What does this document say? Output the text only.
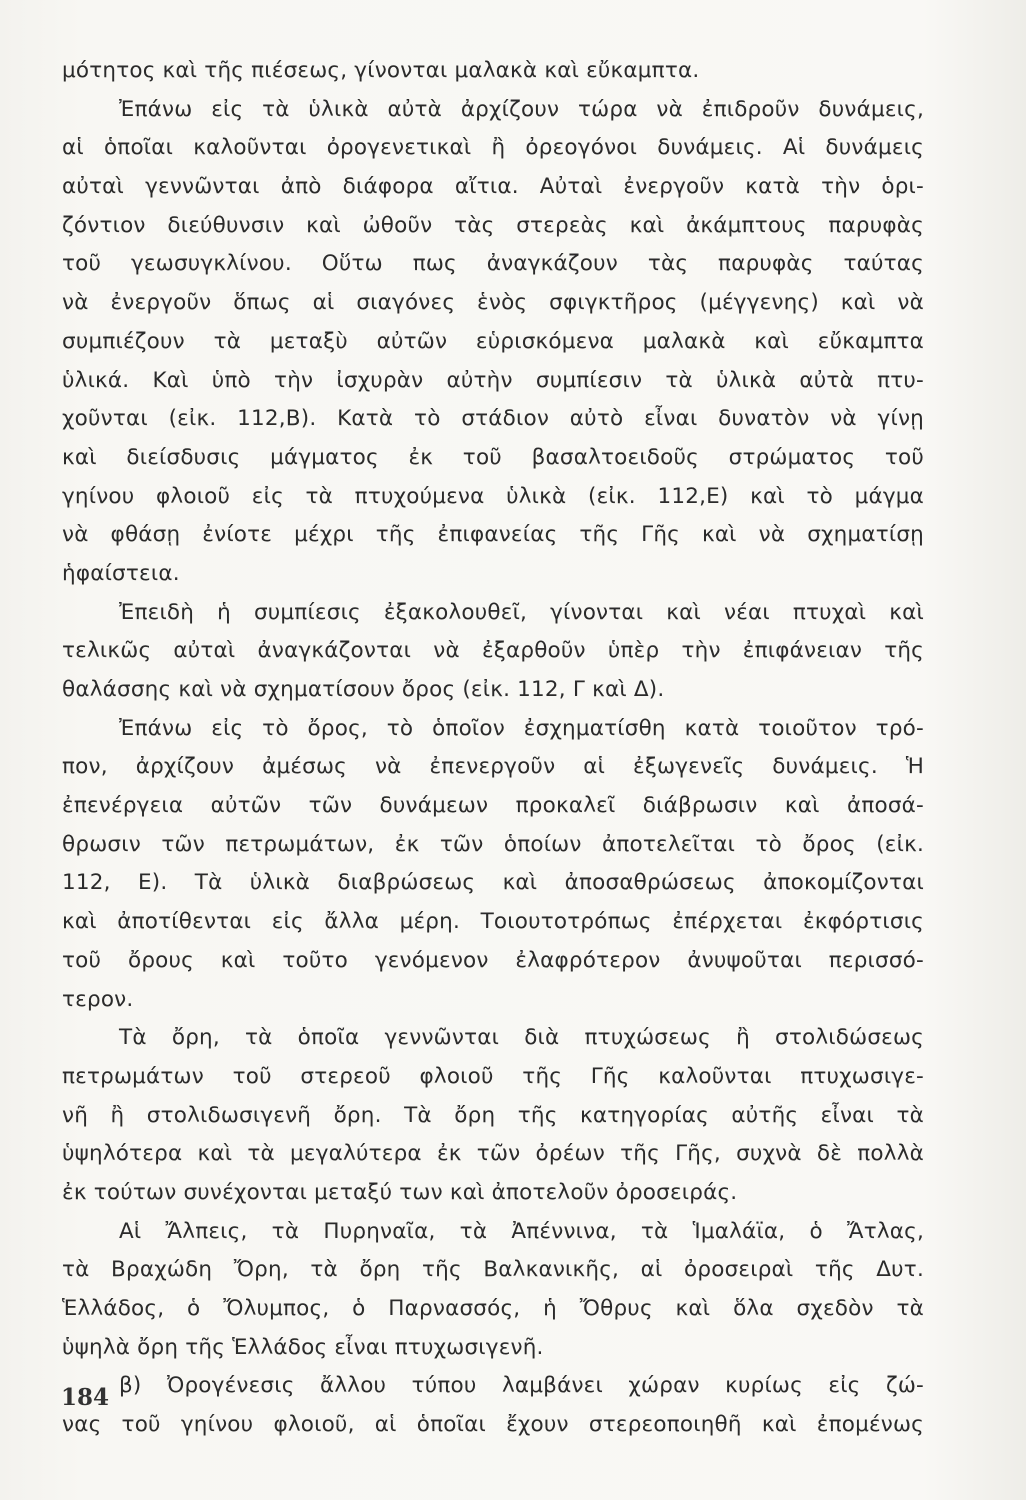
μότητος καὶ τῆς πιέσεως, γίνονται μαλακὰ καὶ εὔκαμπτα.
Ἐπάνω εἰς τὰ ὑλικὰ αὐτὰ ἀρχίζουν τώρα νὰ ἐπιδροῦν δυνάμεις,
αἱ ὁποῖαι καλοῦνται ὀρογενετικαὶ ἢ ὀρεογόνοι δυνάμεις. Αἱ δυνάμεις
αὐταὶ γεννῶνται ἀπὸ διάφορα αἴτια. Αὐταὶ ἐνεργοῦν κατὰ τὴν ὁρι-
ζόντιον διεύθυνσιν καὶ ὠθοῦν τὰς στερεὰς καὶ ἀκάμπτους παρυφὰς
τοῦ γεωσυγκλίνου. Οὕτω πως ἀναγκάζουν τὰς παρυφὰς ταύτας
νὰ ἐνεργοῦν ὅπως αἱ σιαγόνες ἑνὸς σφιγκτῆρος (μέγγενης) καὶ νὰ
συμπιέζουν τὰ μεταξὺ αὐτῶν εὑρισκόμενα μαλακὰ καὶ εὔκαμπτα
ὑλικά. Καὶ ὑπὸ τὴν ἰσχυρὰν αὐτὴν συμπίεσιν τὰ ὑλικὰ αὐτὰ πτυ-
χοῦνται (εἰκ. 112,Β). Κατὰ τὸ στάδιον αὐτὸ εἶναι δυνατὸν νὰ γίνῃ
καὶ διείσδυσις μάγματος ἐκ τοῦ βασαλτοειδοῦς στρώματος τοῦ
γηίνου φλοιοῦ εἰς τὰ πτυχούμενα ὑλικὰ (εἰκ. 112,Ε) καὶ τὸ μάγμα
νὰ φθάσῃ ἐνίοτε μέχρι τῆς ἐπιφανείας τῆς Γῆς καὶ νὰ σχηματίσῃ
ἡφαίστεια.
Ἐπειδὴ ἡ συμπίεσις ἐξακολουθεῖ, γίνονται καὶ νέαι πτυχαὶ καὶ
τελικῶς αὐταὶ ἀναγκάζονται νὰ ἐξαρθοῦν ὑπὲρ τὴν ἐπιφάνειαν τῆς
θαλάσσης καὶ νὰ σχηματίσουν ὄρος (εἰκ. 112, Γ καὶ Δ).
Ἐπάνω εἰς τὸ ὄρος, τὸ ὁποῖον ἐσχηματίσθη κατὰ τοιοῦτον τρό-
πον, ἀρχίζουν ἀμέσως νὰ ἐπενεργοῦν αἱ ἐξωγενεῖς δυνάμεις. Ἡ
ἐπενέργεια αὐτῶν τῶν δυνάμεων προκαλεῖ διάβρωσιν καὶ ἀποσά-
θρωσιν τῶν πετρωμάτων, ἐκ τῶν ὁποίων ἀποτελεῖται τὸ ὄρος (εἰκ.
112, Ε). Τὰ ὑλικὰ διαβρώσεως καὶ ἀποσαθρώσεως ἀποκομίζονται
καὶ ἀποτίθενται εἰς ἄλλα μέρη. Τοιουτοτρόπως ἐπέρχεται ἐκφόρτισις
τοῦ ὄρους καὶ τοῦτο γενόμενον ἐλαφρότερον ἀνυψοῦται περισσό-
τερον.
Τὰ ὄρη, τὰ ὁποῖα γεννῶνται διὰ πτυχώσεως ἢ στολιδώσεως
πετρωμάτων τοῦ στερεοῦ φλοιοῦ τῆς Γῆς καλοῦνται πτυχωσιγε-
νῆ ἢ στολιδωσιγενῆ ὄρη. Τὰ ὄρη τῆς κατηγορίας αὐτῆς εἶναι τὰ
ὑψηλότερα καὶ τὰ μεγαλύτερα ἐκ τῶν ὀρέων τῆς Γῆς, συχνὰ δὲ πολλὰ
ἐκ τούτων συνέχονται μεταξύ των καὶ ἀποτελοῦν ὀροσειράς.
Αἱ Ἄλπεις, τὰ Πυρηναῖα, τὰ Ἀπέννινα, τὰ Ἱμαλάϊα, ὁ Ἄτλας,
τὰ Βραχώδη Ὄρη, τὰ ὄρη τῆς Βαλκανικῆς, αἱ ὀροσειραὶ τῆς Δυτ.
Ἑλλάδος, ὁ Ὄλυμπος, ὁ Παρνασσός, ἡ Ὄθρυς καὶ ὅλα σχεδὸν τὰ
ὑψηλὰ ὄρη τῆς Ἑλλάδος εἶναι πτυχωσιγενῆ.
β) Ὀρογένεσις ἄλλου τύπου λαμβάνει χώραν κυρίως εἰς ζώ-
νας τοῦ γηίνου φλοιοῦ, αἱ ὁποῖαι ἔχουν στερεοποιηθῆ καὶ ἐπομένως
184
